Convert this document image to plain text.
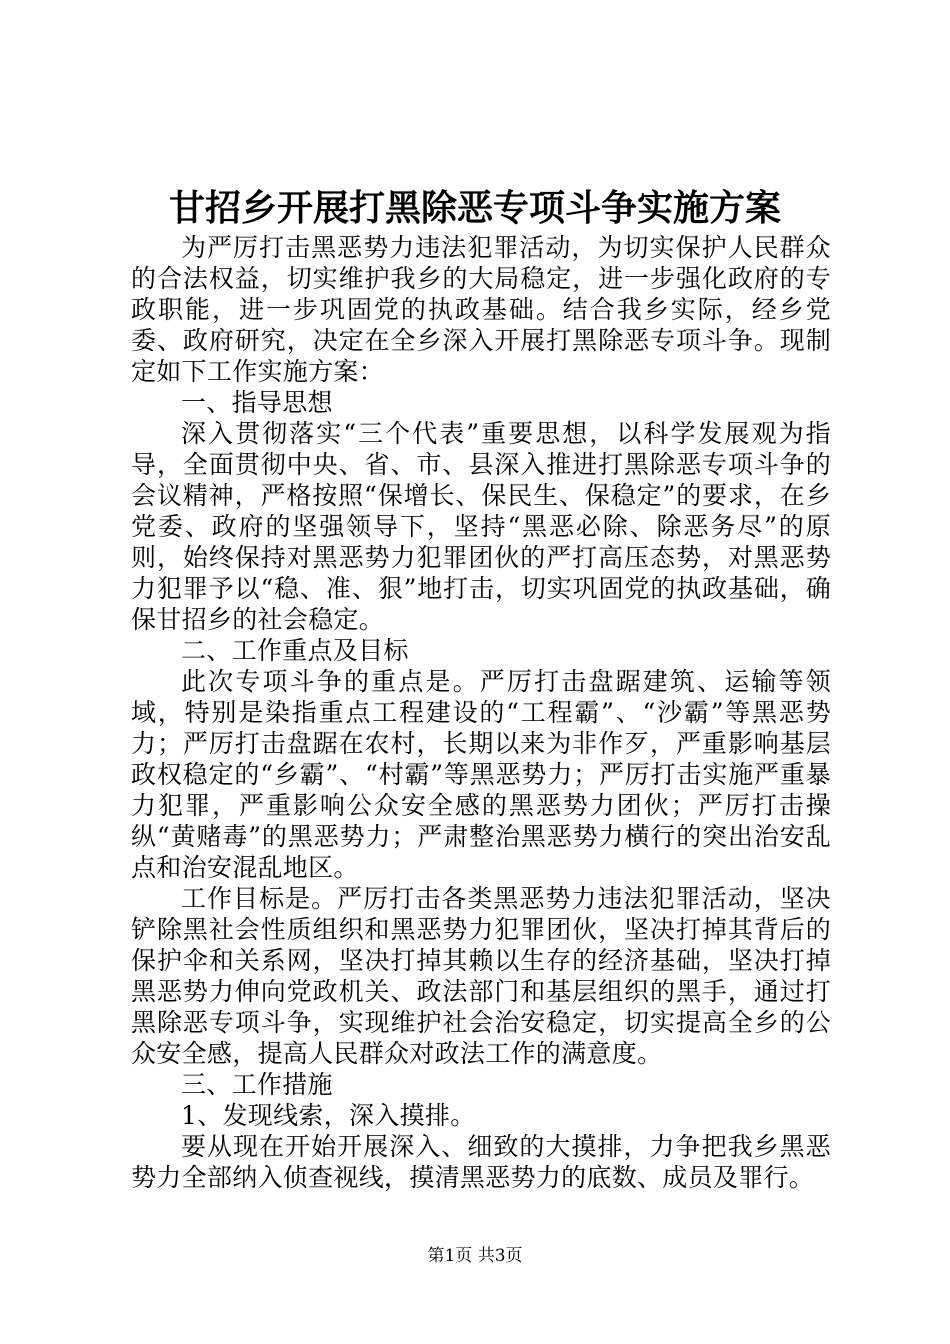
甘招乡开展打黑除恶专项斗争实施方案

为严厉打击黑恶势力违法犯罪活动，为切实保护人民群众的合法权益，切实维护我乡的大局稳定，进一步强化政府的专政职能，进一步巩固党的执政基础。结合我乡实际，经乡党委、政府研究，决定在全乡深入开展打黑除恶专项斗争。现制定如下工作实施方案：

一、指导思想

深入贯彻落实“三个代表”重要思想，以科学发展观为指导，全面贯彻中央、省、市、县深入推进打黑除恶专项斗争的会议精神，严格按照“保增长、保民生、保稳定”的要求，在乡党委、政府的坚强领导下，坚持“黑恶必除、除恶务尽”的原则，始终保持对黑恶势力犯罪团伙的严打高压态势，对黑恶势力犯罪予以“稳、准、狠”地打击，切实巩固党的执政基础，确保甘招乡的社会稳定。

二、工作重点及目标

此次专项斗争的重点是。严厉打击盘踞建筑、运输等领域，特别是染指重点工程建设的“工程霸”、“沙霸”等黑恶势力；严厉打击盘踞在农村，长期以来为非作歹，严重影响基层政权稳定的“乡霸”、“村霸”等黑恶势力；严厉打击实施严重暴力犯罪，严重影响公众安全感的黑恶势力团伙；严厉打击操纵“黄赌毒”的黑恶势力；严肃整治黑恶势力横行的突出治安乱点和治安混乱地区。

工作目标是。严厉打击各类黑恶势力违法犯罪活动，坚决铲除黑社会性质组织和黑恶势力犯罪团伙，坚决打掉其背后的保护伞和关系网，坚决打掉其赖以生存的经济基础，坚决打掉黑恶势力伸向党政机关、政法部门和基层组织的黑手，通过打黑除恶专项斗争，实现维护社会治安稳定，切实提高全乡的公众安全感，提高人民群众对政法工作的满意度。

三、工作措施

1、发现线索，深入摸排。

要从现在开始开展深入、细致的大摸排，力争把我乡黑恶势力全部纳入侦查视线，摸清黑恶势力的底数、成员及罪行。

第1页 共3页
